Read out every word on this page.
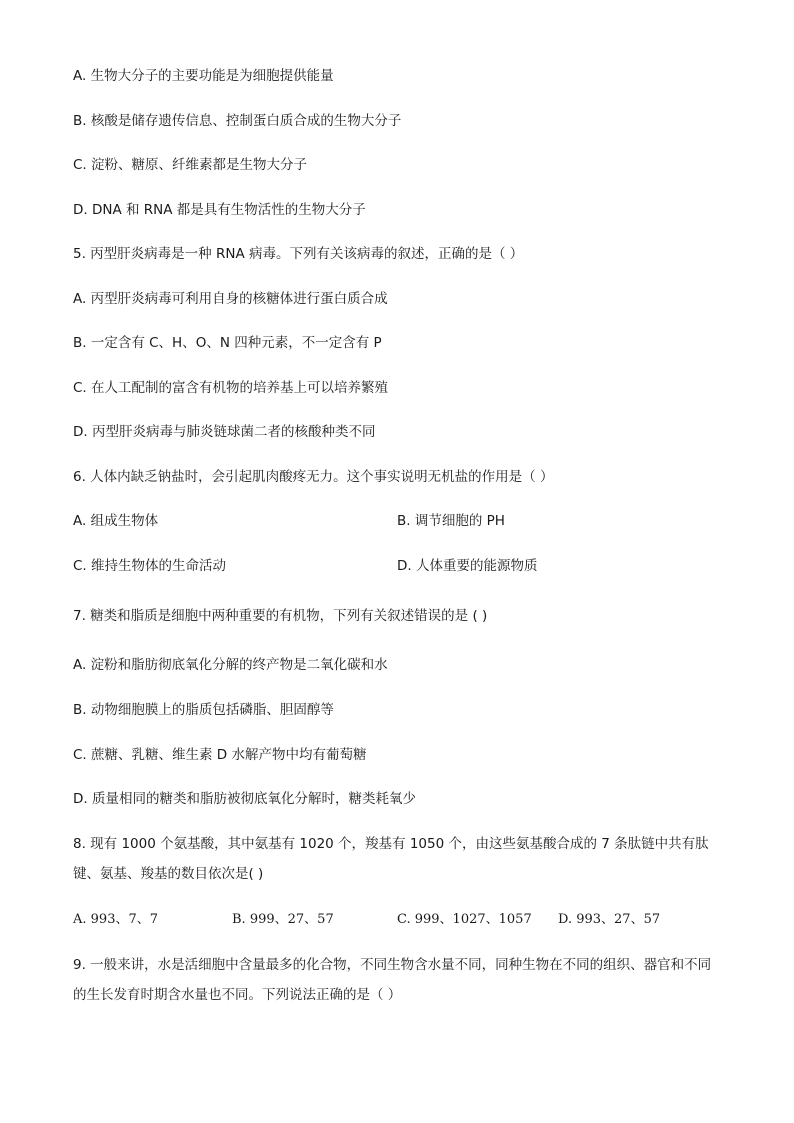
A. 生物大分子的主要功能是为细胞提供能量
B. 核酸是储存遗传信息、控制蛋白质合成的生物大分子
C. 淀粉、糖原、纤维素都是生物大分子
D. DNA 和 RNA 都是具有生物活性的生物大分子
5. 丙型肝炎病毒是一种 RNA 病毒。下列有关该病毒的叙述，正确的是（ ）
A. 丙型肝炎病毒可利用自身的核糖体进行蛋白质合成
B. 一定含有 C、H、O、N 四种元素，不一定含有 P
C. 在人工配制的富含有机物的培养基上可以培养繁殖
D. 丙型肝炎病毒与肺炎链球菌二者的核酸种类不同
6. 人体内缺乏钠盐时，会引起肌肉酸疼无力。这个事实说明无机盐的作用是（ ）
A. 组成生物体	B. 调节细胞的 PH
C. 维持生物体的生命活动	D. 人体重要的能源物质
7. 糖类和脂质是细胞中两种重要的有机物，下列有关叙述错误的是 ( )
A. 淀粉和脂肪彻底氧化分解的终产物是二氧化碳和水
B. 动物细胞膜上的脂质包括磷脂、胆固醇等
C. 蔗糖、乳糖、维生素 D 水解产物中均有葡萄糖
D. 质量相同的糖类和脂肪被彻底氧化分解时，糖类耗氧少
8. 现有 1000 个氨基酸，其中氨基有 1020 个，羧基有 1050 个，由这些氨基酸合成的 7 条肽链中共有肽键、氨基、羧基的数目依次是( )
A. 993、7、7	B. 999、27、57	C. 999、1027、1057 D. 993、27、57
9. 一般来讲，水是活细胞中含量最多的化合物，不同生物含水量不同，同种生物在不同的组织、器官和不同的生长发育时期含水量也不同。下列说法正确的是（ ）
